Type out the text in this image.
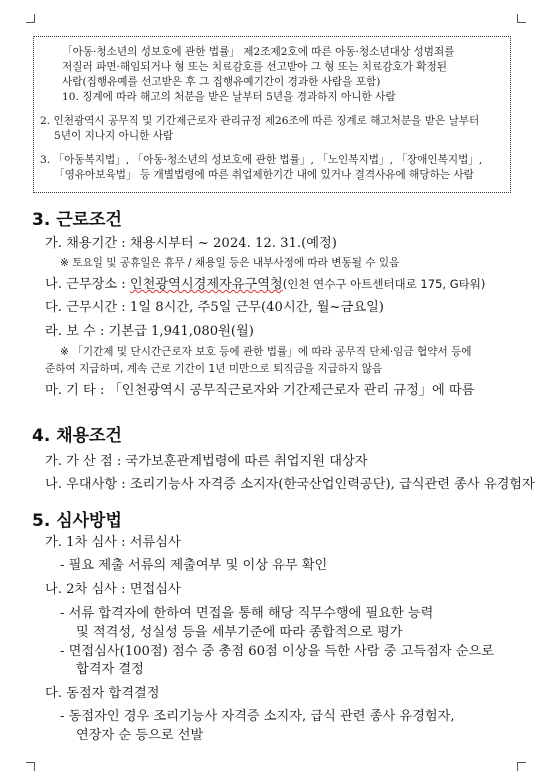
「아동·청소년의 성보호에 관한 법률」 제2조제2호에 따른 아동·청소년대상 성범죄를
저질러 파면·해임되거나 형 또는 치료감호를 선고받아 그 형 또는 치료감호가 확정된
사람(집행유예를 선고받은 후 그 집행유예기간이 경과한 사람을 포함)
10. 징계에 따라 해고의 처분을 받은 날부터 5년을 경과하지 아니한 사람
2. 인천광역시 공무직 및 기간제근로자 관리규정 제26조에 따른 징계로 해고처분을 받은 날부터
5년이 지나지 아니한 사람
3. 「아동복지법」, 「아동·청소년의 성보호에 관한 법률」, 「노인복지법」, 「장애인복지법」,
「영유아보육법」 등 개별법령에 따른 취업제한기간 내에 있거나 결격사유에 해당하는 사람
3. 근로조건
가. 채용기간 : 채용시부터 ~ 2024. 12. 31.(예정)
※ 토요일 및 공휴일은 휴무 / 채용일 등은 내부사정에 따라 변동될 수 있음
나. 근무장소 : 인천광역시경제자유구역청(인천 연수구 아트센터대로 175, G타워)
다. 근무시간 : 1일 8시간, 주5일 근무(40시간, 월~금요일)
라. 보 수 : 기본급 1,941,080원(월)
※ 「기간제 및 단시간근로자 보호 등에 관한 법률」에 따라 공무직 단체·임금 협약서 등에
준하여 지급하며, 계속 근로 기간이 1년 미만으로 퇴직금을 지급하지 않음
마. 기 타 : 「인천광역시 공무직근로자와 기간제근로자 관리 규정」에 따름
4. 채용조건
가. 가 산 점 : 국가보훈관계법령에 따른 취업지원 대상자
나. 우대사항 : 조리기능사 자격증 소지자(한국산업인력공단), 급식관련 종사 유경험자
5. 심사방법
가. 1차 심사 : 서류심사
- 필요 제출 서류의 제출여부 및 이상 유무 확인
나. 2차 심사 : 면접심사
- 서류 합격자에 한하여 면접을 통해 해당 직무수행에 필요한 능력
및 적격성, 성실성 등을 세부기준에 따라 종합적으로 평가
- 면접심사(100점) 점수 중 총점 60점 이상을 득한 사람 중 고득점자 순으로
합격자 결정
다. 동점자 합격결정
- 동점자인 경우 조리기능사 자격증 소지자, 급식 관련 종사 유경험자,
연장자 순 등으로 선발
